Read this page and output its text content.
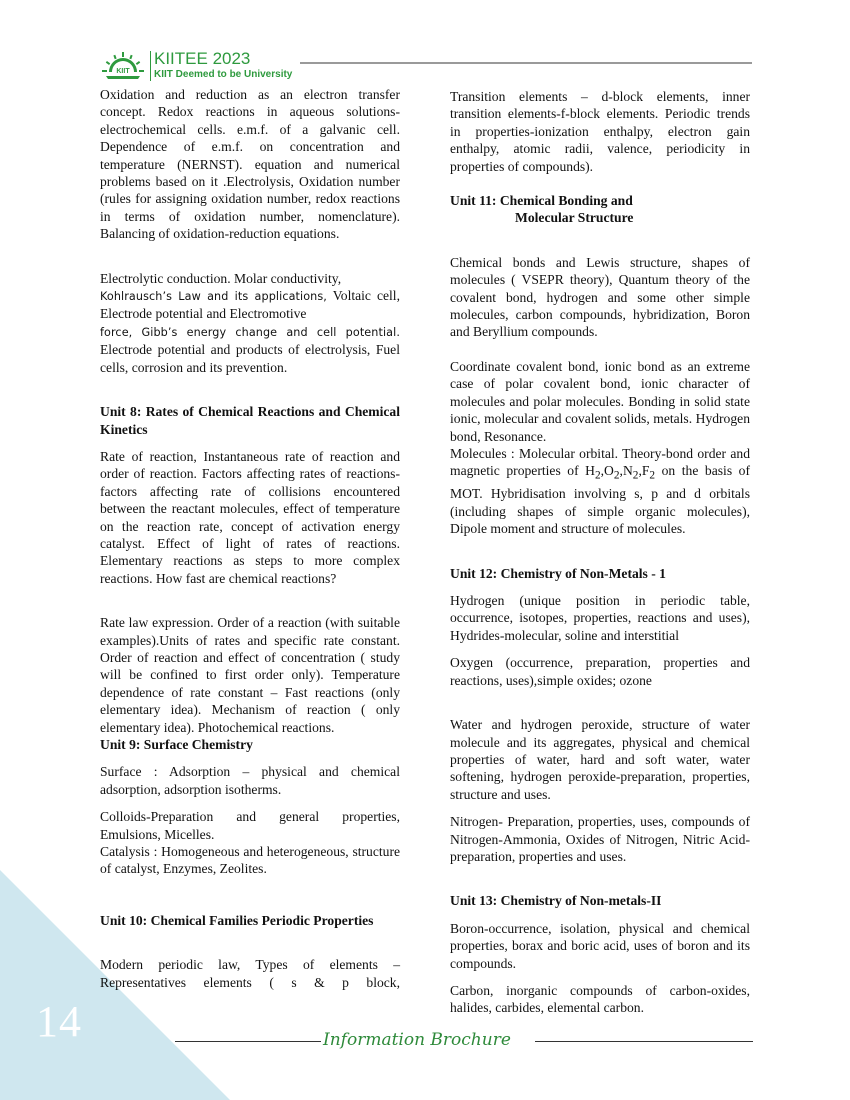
14
KIIT
KIITEE 2023
KIIT Deemed to be University

Oxidation and reduction as an electron transfer concept. Redox reactions in aqueous solutions-electrochemical cells. e.m.f. of a galvanic cell. Dependence of e.m.f. on concentration and temperature (NERNST). equation and numerical problems based on it .Electrolysis, Oxidation number (rules for assigning oxidation number, redox reactions in terms of oxidation number, nomenclature). Balancing of oxidation-reduction equations.

Electrolytic conduction. Molar conductivity,
Kohlrausch’s Law and its applications, Voltaic cell, Electrode potential and Electromotive
force, Gibb’s energy change and cell potential. Electrode potential and products of electrolysis, Fuel cells, corrosion and its prevention.

Unit 8: Rates of Chemical Reactions and Chemical Kinetics

Rate of reaction, Instantaneous rate of reaction and order of reaction. Factors affecting rates of reactions- factors affecting rate of collisions encountered between the reactant molecules, effect of temperature on the reaction rate, concept of activation energy catalyst. Effect of light of rates of reactions. Elementary reactions as steps to more complex reactions. How fast are chemical reactions?

Rate law expression. Order of a reaction (with suitable examples).Units of rates and specific rate constant. Order of reaction and effect of concentration ( study will be confined to first order only). Temperature dependence of rate constant – Fast reactions (only elementary idea). Mechanism of reaction ( only elementary idea). Photochemical reactions.

Unit 9: Surface Chemistry

Surface : Adsorption – physical and chemical adsorption, adsorption isotherms.

Colloids-Preparation and general properties, Emulsions, Micelles.

Catalysis : Homogeneous and heterogeneous, structure of catalyst, Enzymes, Zeolites.

Unit 10: Chemical Families Periodic Properties

Modern periodic law, Types of elements – Representatives elements ( s & p block,

Transition elements – d-block elements, inner transition elements-f-block elements. Periodic trends in properties-ionization enthalpy, electron gain enthalpy, atomic radii, valence, periodicity in properties of compounds).

Unit 11: Chemical Bonding and
Molecular Structure

Chemical bonds and Lewis structure, shapes of molecules ( VSEPR theory), Quantum theory of the covalent bond, hydrogen and some other simple molecules, carbon compounds, hybridization, Boron and Beryllium compounds.

Coordinate covalent bond, ionic bond as an extreme case of polar covalent bond, ionic character of molecules and polar molecules. Bonding in solid state ionic, molecular and covalent solids, metals. Hydrogen bond, Resonance.

Molecules : Molecular orbital. Theory-bond order and magnetic properties of $H_2,O_2,N_2,F_2$ on the basis of MOT. Hybridisation involving s, p and d orbitals (including shapes of simple organic molecules), Dipole moment and structure of molecules.

Unit 12: Chemistry of Non-Metals - 1

Hydrogen (unique position in periodic table, occurrence, isotopes, properties, reactions and uses), Hydrides-molecular, soline and interstitial

Oxygen (occurrence, preparation, properties and reactions, uses),simple oxides; ozone

Water and hydrogen peroxide, structure of water molecule and its aggregates, physical and chemical properties of water, hard and soft water, water softening, hydrogen peroxide-preparation, properties, structure and uses.

Nitrogen- Preparation, properties, uses, compounds of Nitrogen-Ammonia, Oxides of Nitrogen, Nitric Acid-preparation, properties and uses.

Unit 13: Chemistry of Non-metals-II

Boron-occurrence, isolation, physical and chemical properties, borax and boric acid, uses of boron and its compounds.

Carbon, inorganic compounds of carbon-oxides, halides, carbides, elemental carbon.

Information Brochure
